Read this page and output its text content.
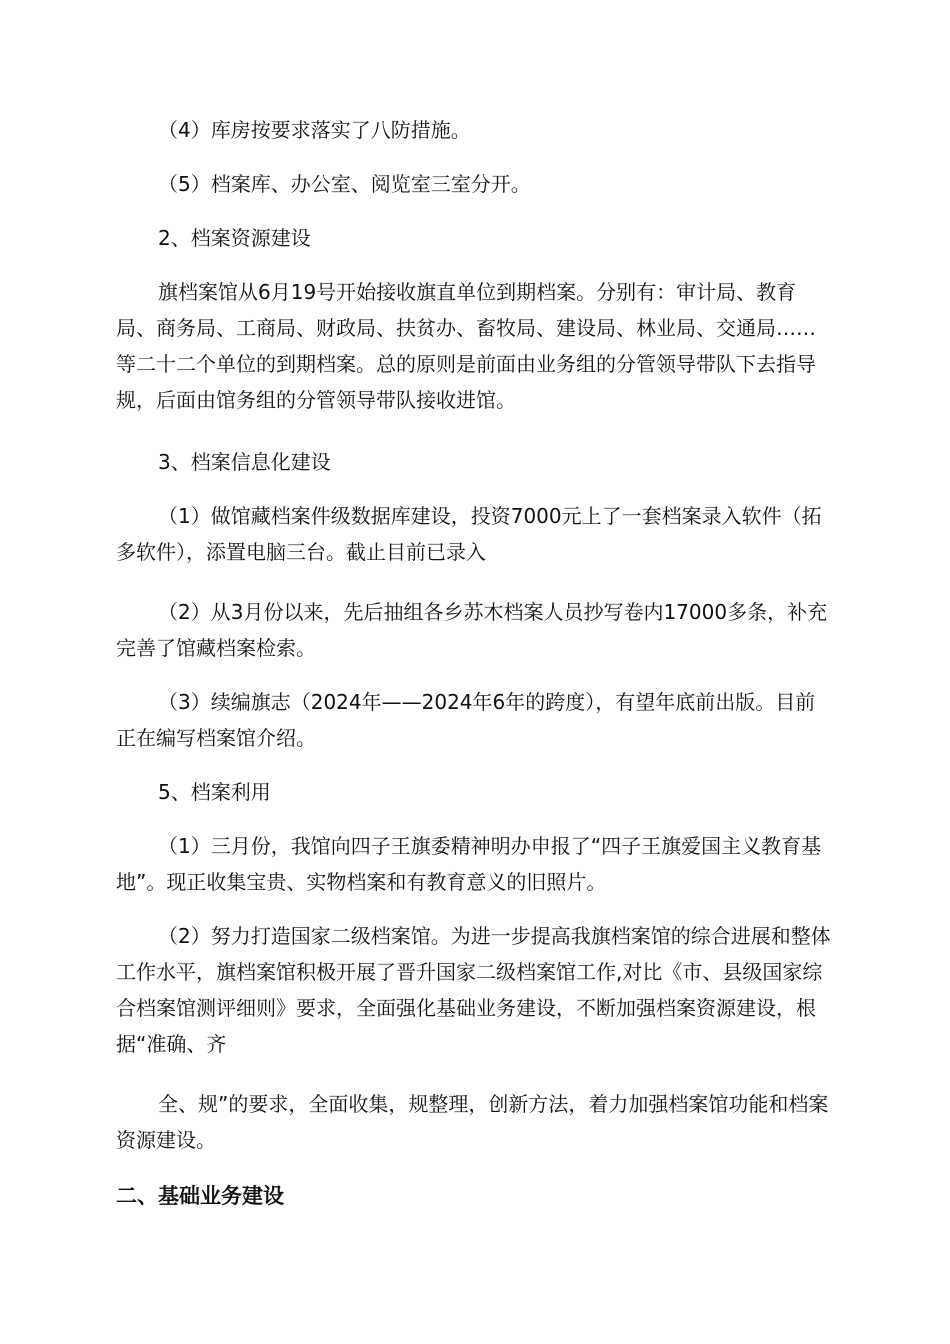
（4）库房按要求落实了八防措施。

（5）档案库、办公室、阅览室三室分开。

2、档案资源建设

旗档案馆从6月19号开始接收旗直单位到期档案。分别有：审计局、教育局、商务局、工商局、财政局、扶贫办、畜牧局、建设局、林业局、交通局……等二十二个单位的到期档案。总的原则是前面由业务组的分管领导带队下去指导规，后面由馆务组的分管领导带队接收进馆。

3、档案信息化建设

（1）做馆藏档案件级数据库建设，投资7000元上了一套档案录入软件（拓多软件），添置电脑三台。截止目前已录入

（2）从3月份以来，先后抽组各乡苏木档案人员抄写卷内17000多条，补充完善了馆藏档案检索。

（3）续编旗志（2024年——2024年6年的跨度），有望年底前出版。目前正在编写档案馆介绍。

5、档案利用

（1）三月份，我馆向四子王旗委精神明办申报了“四子王旗爱国主义教育基地”。现正收集宝贵、实物档案和有教育意义的旧照片。

（2）努力打造国家二级档案馆。为进一步提高我旗档案馆的综合进展和整体工作水平，旗档案馆积极开展了晋升国家二级档案馆工作,对比《市、县级国家综合档案馆测评细则》要求，全面强化基础业务建设，不断加强档案资源建设，根据“准确、齐

全、规”的要求，全面收集，规整理，创新方法，着力加强档案馆功能和档案资源建设。

二、基础业务建设
